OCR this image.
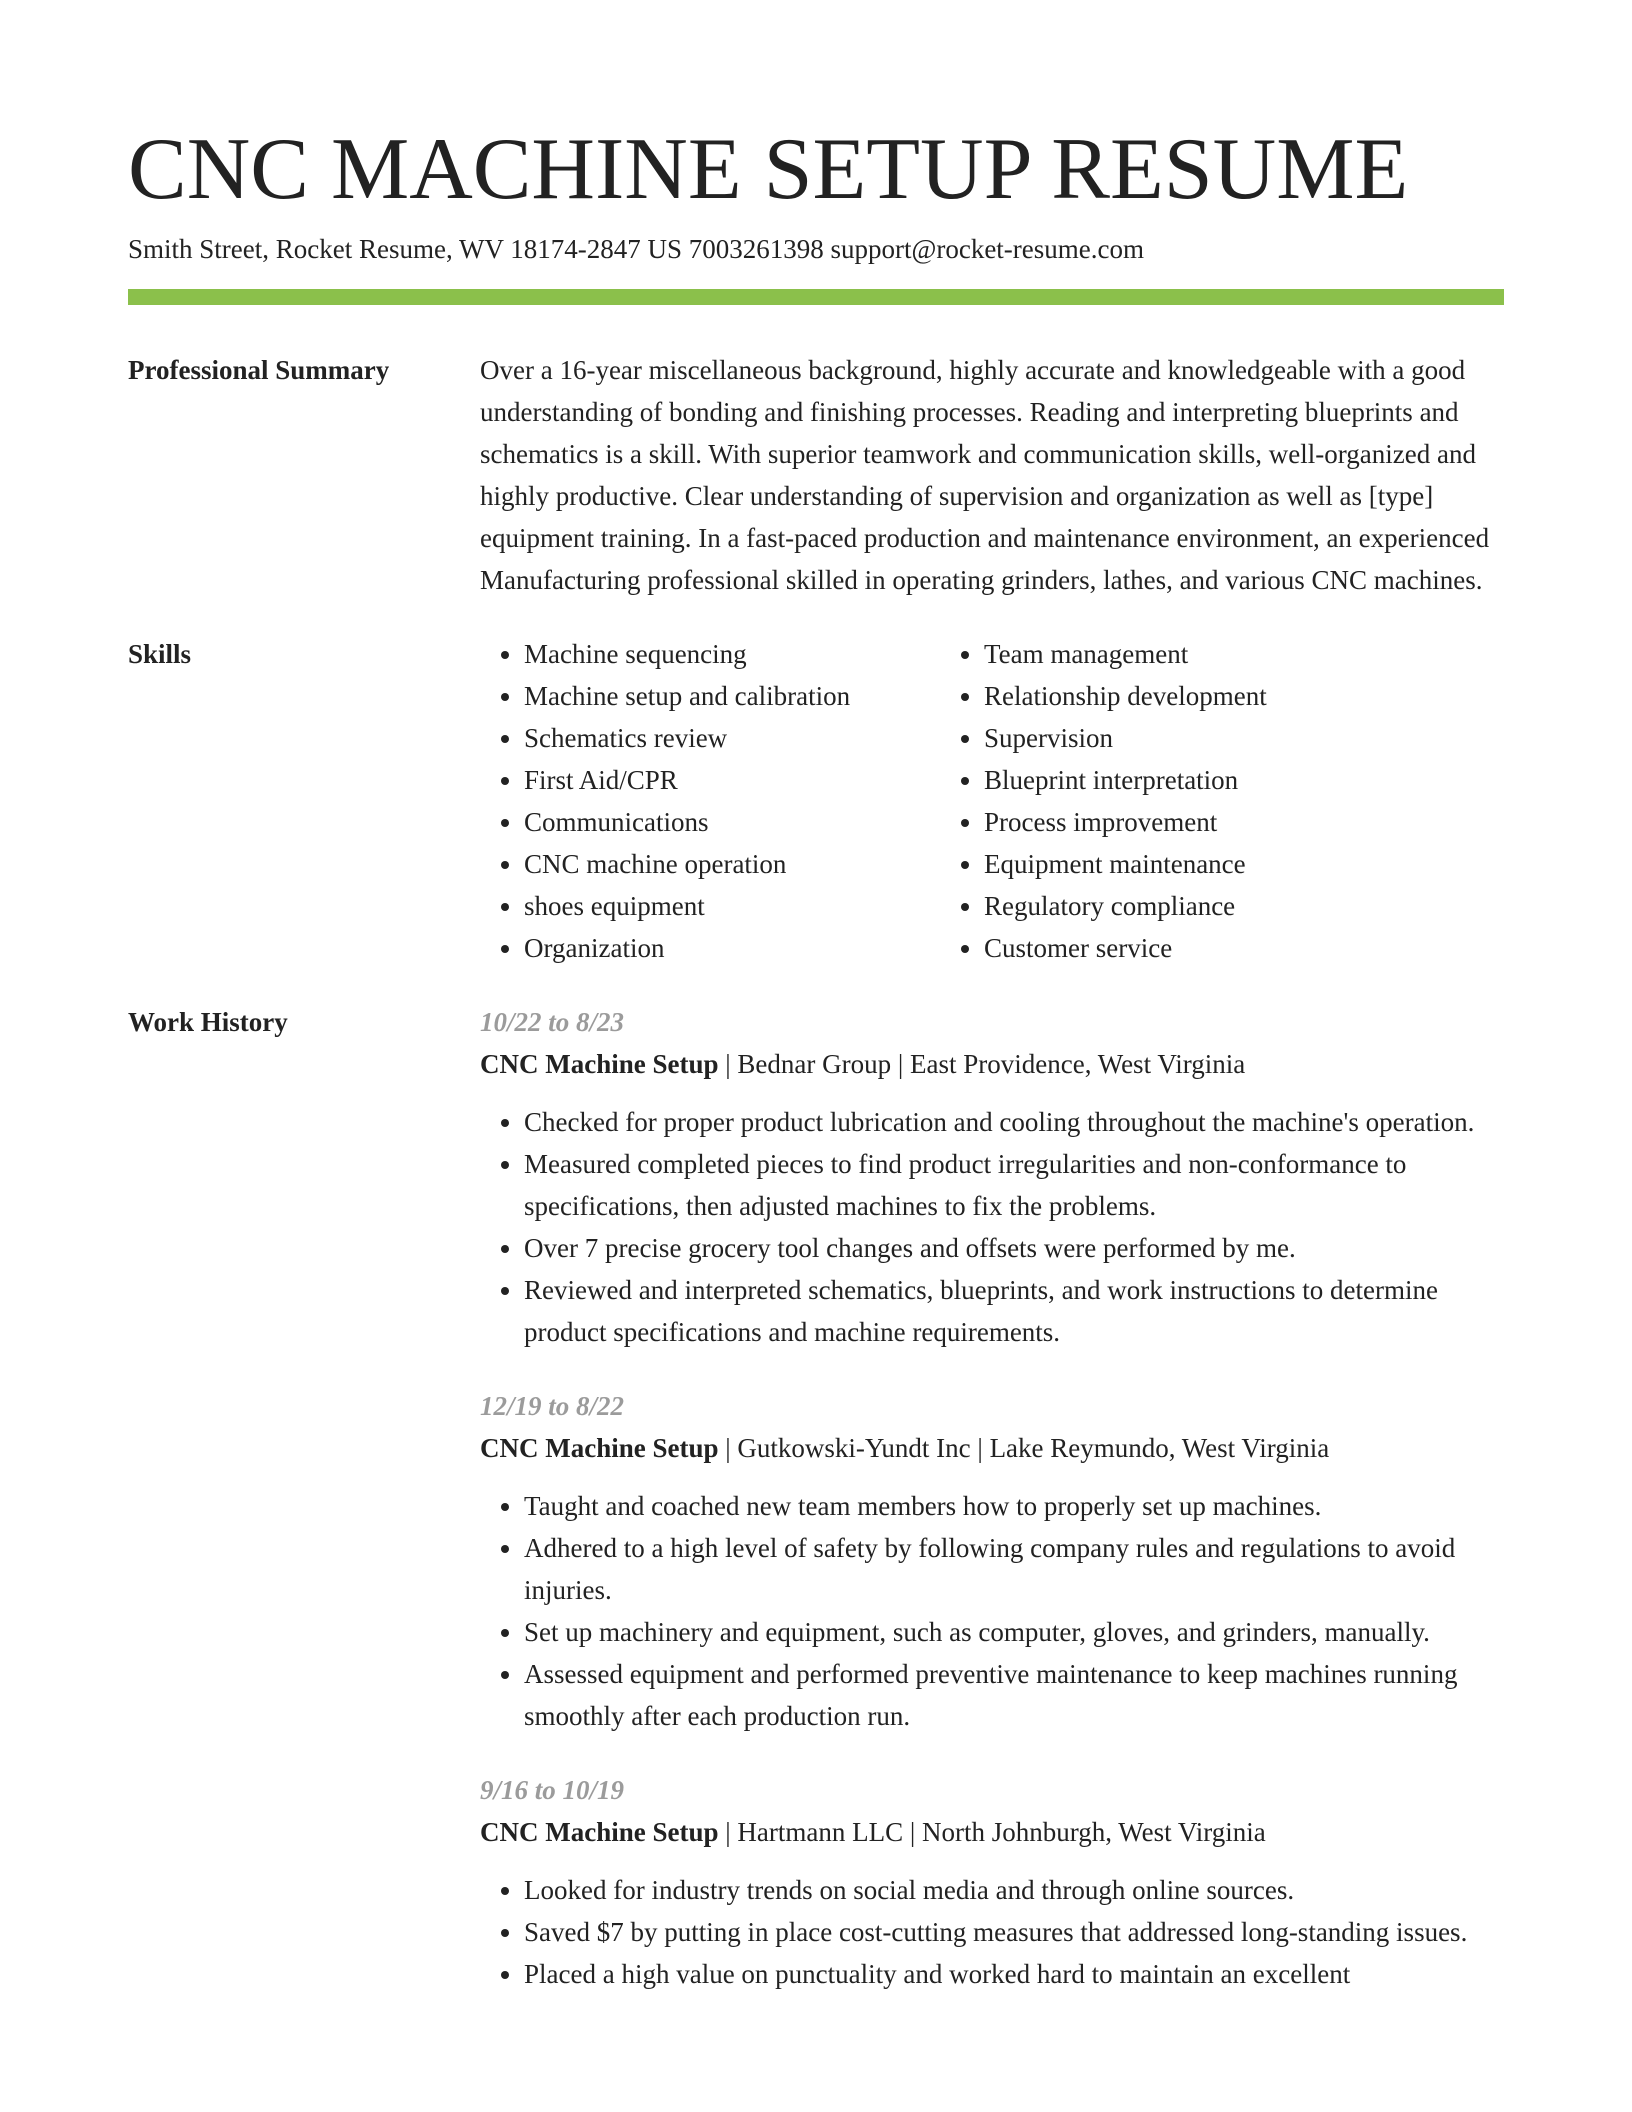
CNC MACHINE SETUP RESUME
Smith Street, Rocket Resume, WV 18174-2847 US 7003261398 support@rocket-resume.com
Professional Summary	Over a 16-year miscellaneous background, highly accurate and knowledgeable with a good understanding of bonding and finishing processes. Reading and interpreting blueprints and schematics is a skill. With superior teamwork and communication skills, well-organized and highly productive. Clear understanding of supervision and organization as well as [type] equipment training. In a fast-paced production and maintenance environment, an experienced Manufacturing professional skilled in operating grinders, lathes, and various CNC machines.

Skills
•	Machine sequencing
• Machine setup and calibration
• Schematics review
• First Aid/CPR
• Communications
• CNC machine operation
• shoes equipment
• Organization
• Team management
• Relationship development
• Supervision
• Blueprint interpretation
• Process improvement
• Equipment maintenance
• Regulatory compliance
• Customer service
Work History	10/22 to 8/23
CNC Machine Setup | Bednar Group | East Providence, West Virginia
• Checked for proper product lubrication and cooling throughout the machine's operation.
• Measured completed pieces to find product irregularities and non-conformance to specifications, then adjusted machines to fix the problems.
• Over 7 precise grocery tool changes and offsets were performed by me.
• Reviewed and interpreted schematics, blueprints, and work instructions to determine product specifications and machine requirements.
12/19 to 8/22
CNC Machine Setup | Gutkowski-Yundt Inc | Lake Reymundo, West Virginia
• Taught and coached new team members how to properly set up machines.
• Adhered to a high level of safety by following company rules and regulations to avoid injuries.
• Set up machinery and equipment, such as computer, gloves, and grinders, manually.
• Assessed equipment and performed preventive maintenance to keep machines running smoothly after each production run.
9/16 to 10/19
CNC Machine Setup | Hartmann LLC | North Johnburgh, West Virginia
• Looked for industry trends on social media and through online sources.
• Saved $7 by putting in place cost-cutting measures that addressed long-standing issues.
• Placed a high value on punctuality and worked hard to maintain an excellent
